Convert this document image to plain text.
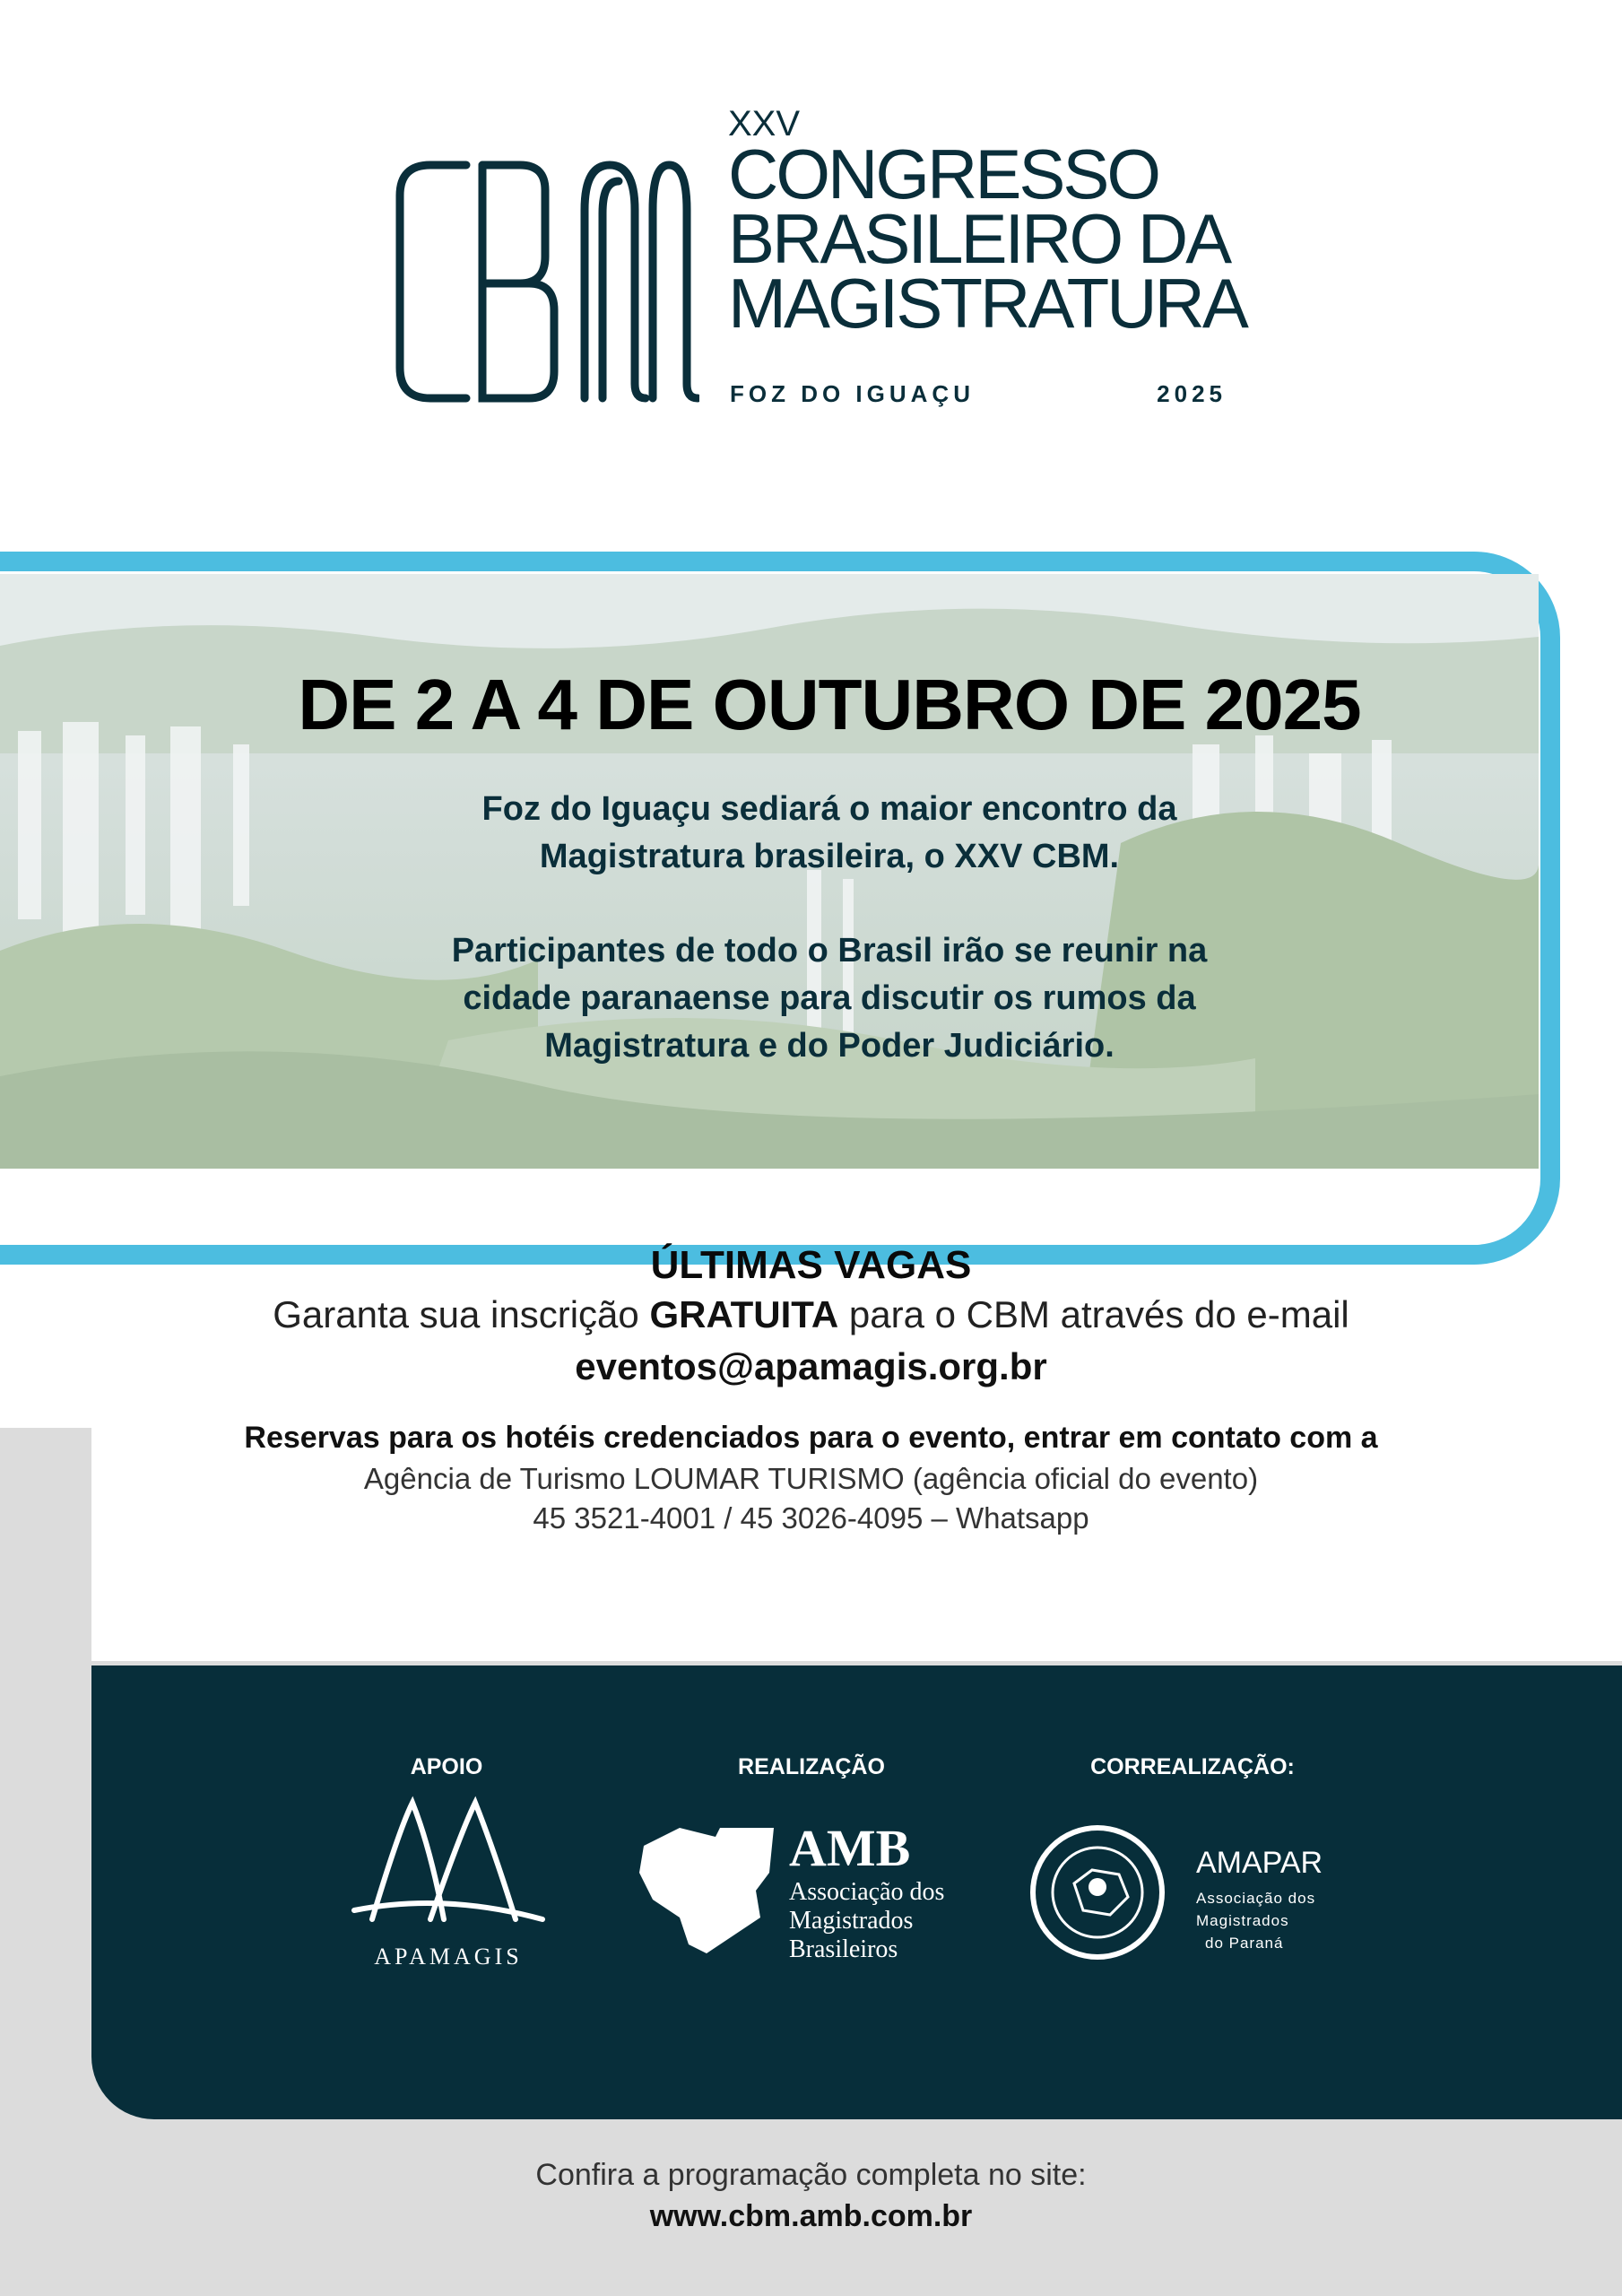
XXV
CONGRESSO
BRASILEIRO DA
MAGISTRATURA
FOZ DO IGUAÇU	2025
DE 2 A 4 DE OUTUBRO DE 2025
Foz do Iguaçu sediará o maior encontro da
Magistratura brasileira, o XXV CBM.
Participantes de todo o Brasil irão se reunir na
cidade paranaense para discutir os rumos da
Magistratura e do Poder Judiciário.
ÚLTIMAS VAGAS
Garanta sua inscrição GRATUITA para o CBM através do e-mail
eventos@apamagis.org.br
Reservas para os hotéis credenciados para o evento, entrar em contato com a
Agência de Turismo LOUMAR TURISMO (agência oficial do evento)
45 3521-4001 / 45 3026-4095 – Whatsapp
APOIO	REALIZAÇÃO	CORREALIZAÇÃO:
APAMAGIS
AMB
Associação dos
Magistrados
Brasileiros
AMAPAR
Associação dos
Magistrados
do Paraná
Confira a programação completa no site:
www.cbm.amb.com.br
